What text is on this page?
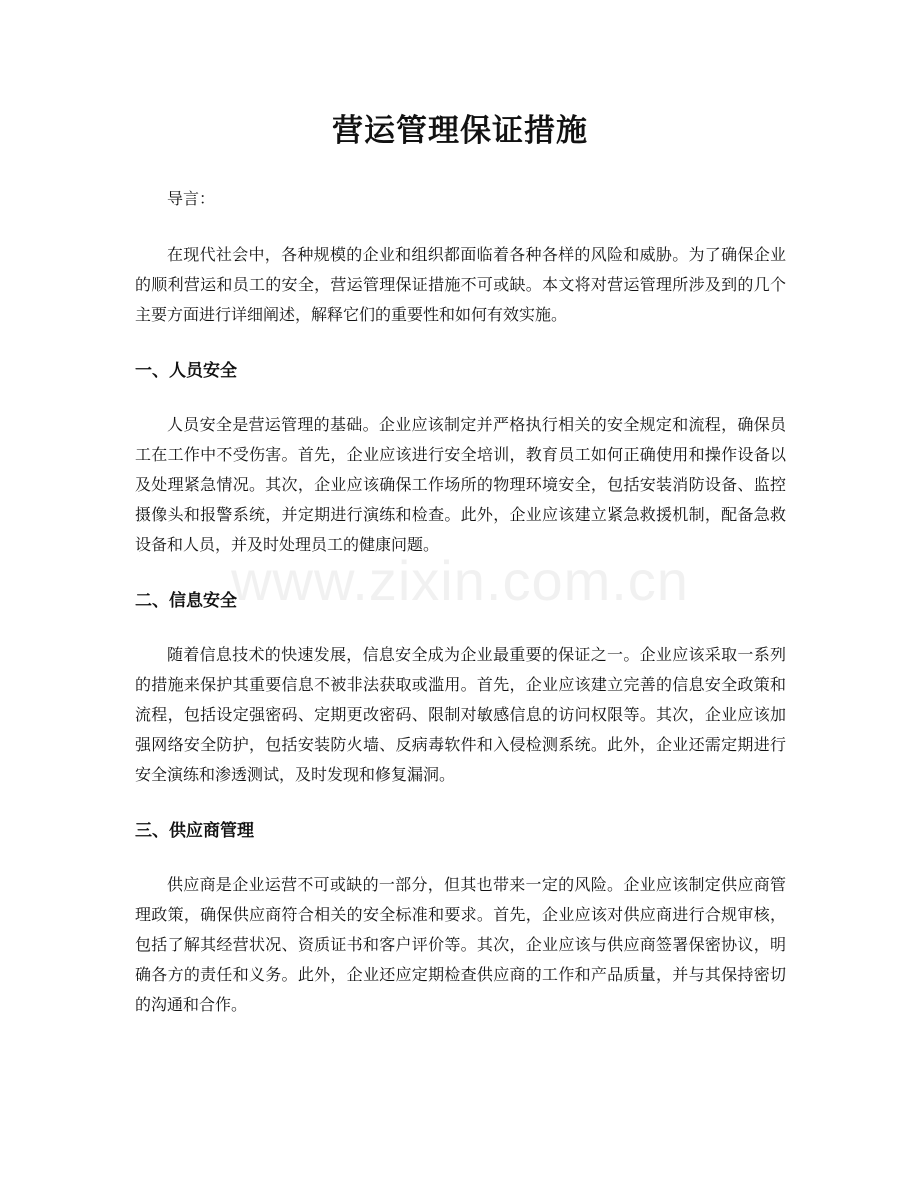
营运管理保证措施

导言：

在现代社会中，各种规模的企业和组织都面临着各种各样的风险和威胁。为了确保企业的顺利营运和员工的安全，营运管理保证措施不可或缺。本文将对营运管理所涉及到的几个主要方面进行详细阐述，解释它们的重要性和如何有效实施。

一、人员安全

人员安全是营运管理的基础。企业应该制定并严格执行相关的安全规定和流程，确保员工在工作中不受伤害。首先，企业应该进行安全培训，教育员工如何正确使用和操作设备以及处理紧急情况。其次，企业应该确保工作场所的物理环境安全，包括安装消防设备、监控摄像头和报警系统，并定期进行演练和检查。此外，企业应该建立紧急救援机制，配备急救设备和人员，并及时处理员工的健康问题。

二、信息安全

随着信息技术的快速发展，信息安全成为企业最重要的保证之一。企业应该采取一系列的措施来保护其重要信息不被非法获取或滥用。首先，企业应该建立完善的信息安全政策和流程，包括设定强密码、定期更改密码、限制对敏感信息的访问权限等。其次，企业应该加强网络安全防护，包括安装防火墙、反病毒软件和入侵检测系统。此外，企业还需定期进行安全演练和渗透测试，及时发现和修复漏洞。

三、供应商管理

供应商是企业运营不可或缺的一部分，但其也带来一定的风险。企业应该制定供应商管理政策，确保供应商符合相关的安全标准和要求。首先，企业应该对供应商进行合规审核，包括了解其经营状况、资质证书和客户评价等。其次，企业应该与供应商签署保密协议，明确各方的责任和义务。此外，企业还应定期检查供应商的工作和产品质量，并与其保持密切的沟通和合作。

www.zixin.com.cn
